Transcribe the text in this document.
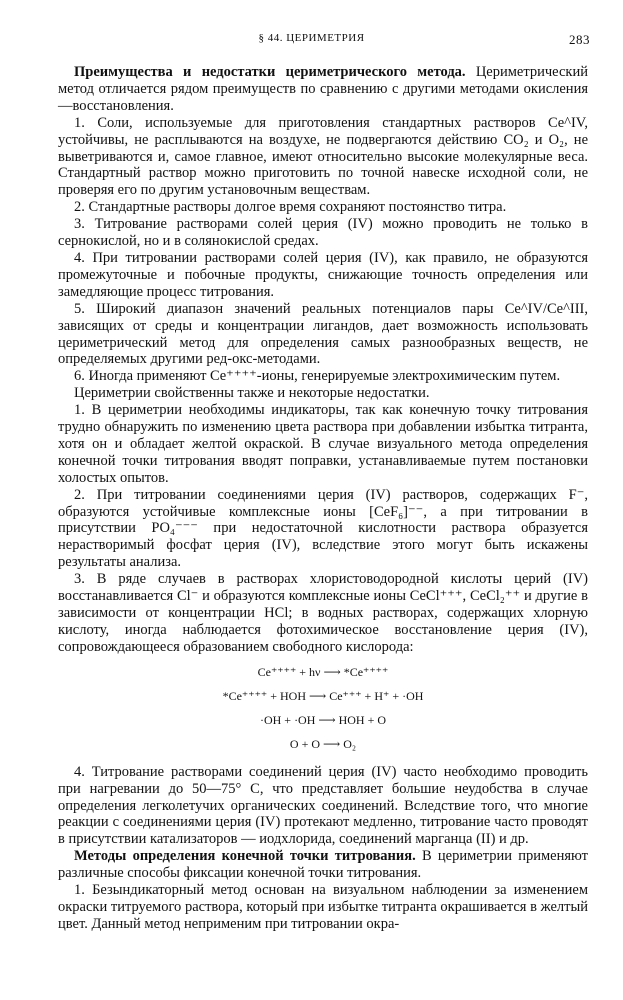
§ 44. ЦЕРИМЕТРИЯ	283

Преимущества и недостатки цериметрического метода. Цериметрический метод отличается рядом преимуществ по сравнению с другими методами окисления—восстановления.

1. Соли, используемые для приготовления стандартных растворов Ce^IV, устойчивы, не расплываются на воздухе, не подвергаются действию CO₂ и O₂, не выветриваются и, самое главное, имеют относительно высокие молекулярные веса. Стандартный раствор можно приготовить по точной навеске исходной соли, не проверяя его по другим установочным веществам.

2. Стандартные растворы долгое время сохраняют постоянство титра.

3. Титрование растворами солей церия (IV) можно проводить не только в сернокислой, но и в солянокислой средах.

4. При титровании растворами солей церия (IV), как правило, не образуются промежуточные и побочные продукты, снижающие точность определения или замедляющие процесс титрования.

5. Широкий диапазон значений реальных потенциалов пары Ce^IV/Ce^III, зависящих от среды и концентрации лигандов, дает возможность использовать цериметрический метод для определения самых разнообразных веществ, не определяемых другими ред-окс-методами.

6. Иногда применяют Ce⁺⁺⁺⁺-ионы, генерируемые электрохимическим путем.

Цериметрии свойственны также и некоторые недостатки.

1. В цериметрии необходимы индикаторы, так как конечную точку титрования трудно обнаружить по изменению цвета раствора при добавлении избытка титранта, хотя он и обладает желтой окраской. В случае визуального метода определения конечной точки титрования вводят поправки, устанавливаемые путем постановки холостых опытов.

2. При титровании соединениями церия (IV) растворов, содержащих F⁻, образуются устойчивые комплексные ионы [CeF₆]⁻⁻, а при титровании в присутствии PO₄⁻⁻⁻ при недостаточной кислотности раствора образуется нерастворимый фосфат церия (IV), вследствие этого могут быть искажены результаты анализа.

3. В ряде случаев в растворах хлористоводородной кислоты церий (IV) восстанавливается Cl⁻ и образуются комплексные ионы CeCl⁺⁺⁺, CeCl₂⁺⁺ и другие в зависимости от концентрации HCl; в водных растворах, содержащих хлорную кислоту, иногда наблюдается фотохимическое восстановление церия (IV), сопровождающееся образованием свободного кислорода:

Ce⁺⁺⁺⁺ + hν ⟶ *Ce⁺⁺⁺⁺
*Ce⁺⁺⁺⁺ + HOH ⟶ Ce⁺⁺⁺ + H⁺ + ·OH
·OH + ·OH ⟶ HOH + O
O + O ⟶ O₂

4. Титрование растворами соединений церия (IV) часто необходимо проводить при нагревании до 50—75° C, что представляет большие неудобства в случае определения легколетучих органических соединений. Вследствие того, что многие реакции с соединениями церия (IV) протекают медленно, титрование часто проводят в присутствии катализаторов — иодхлорида, соединений марганца (II) и др.

Методы определения конечной точки титрования. В цериметрии применяют различные способы фиксации конечной точки титрования.

1. Безындикаторный метод основан на визуальном наблюдении за изменением окраски титруемого раствора, который при избытке титранта окрашивается в желтый цвет. Данный метод неприменим при титровании окра-
